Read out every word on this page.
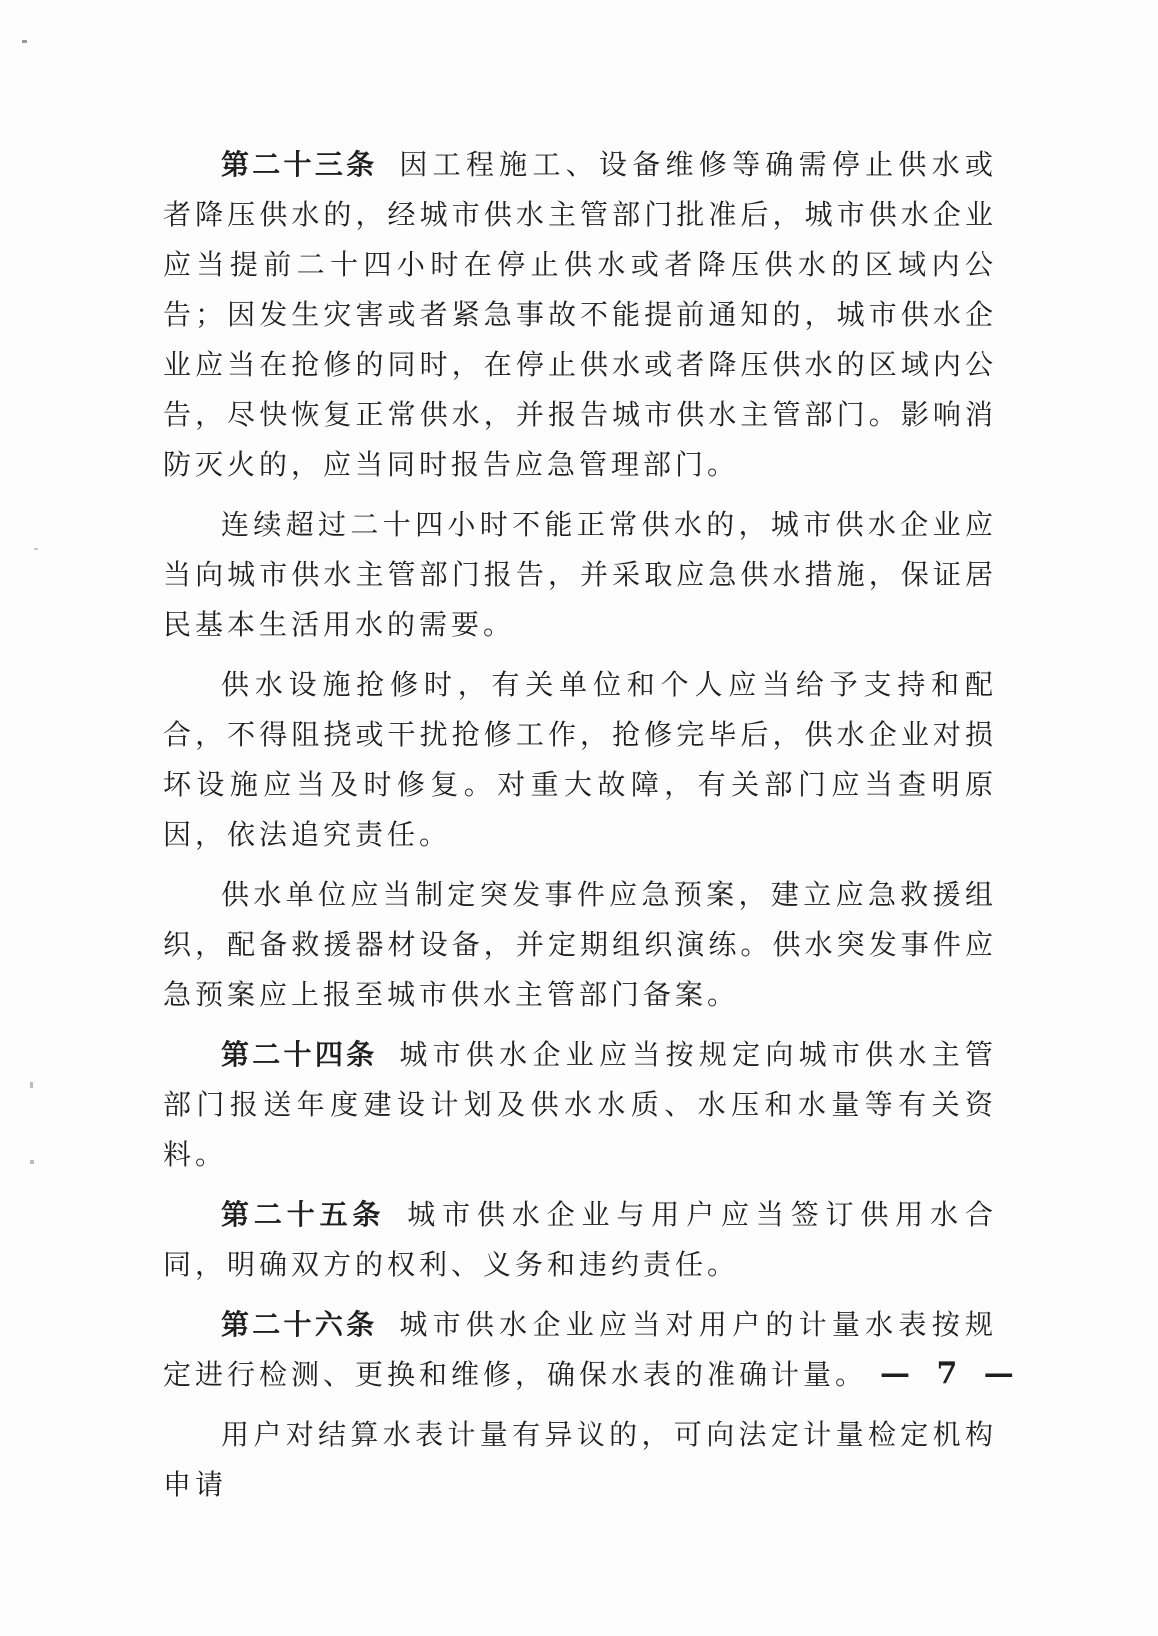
第二十三条 因工程施工、设备维修等确需停止供水或者降压供水的，经城市供水主管部门批准后，城市供水企业应当提前二十四小时在停止供水或者降压供水的区域内公告；因发生灾害或者紧急事故不能提前通知的，城市供水企业应当在抢修的同时，在停止供水或者降压供水的区域内公告，尽快恢复正常供水，并报告城市供水主管部门。影响消防灭火的，应当同时报告应急管理部门。

连续超过二十四小时不能正常供水的，城市供水企业应当向城市供水主管部门报告，并采取应急供水措施，保证居民基本生活用水的需要。

供水设施抢修时，有关单位和个人应当给予支持和配合，不得阻挠或干扰抢修工作，抢修完毕后，供水企业对损坏设施应当及时修复。对重大故障，有关部门应当查明原因，依法追究责任。

供水单位应当制定突发事件应急预案，建立应急救援组织，配备救援器材设备，并定期组织演练。供水突发事件应急预案应上报至城市供水主管部门备案。

第二十四条 城市供水企业应当按规定向城市供水主管部门报送年度建设计划及供水水质、水压和水量等有关资料。

第二十五条 城市供水企业与用户应当签订供用水合同，明确双方的权利、义务和违约责任。

第二十六条 城市供水企业应当对用户的计量水表按规定进行检测、更换和维修，确保水表的准确计量。

用户对结算水表计量有异议的，可向法定计量检定机构申请

— 7 —
